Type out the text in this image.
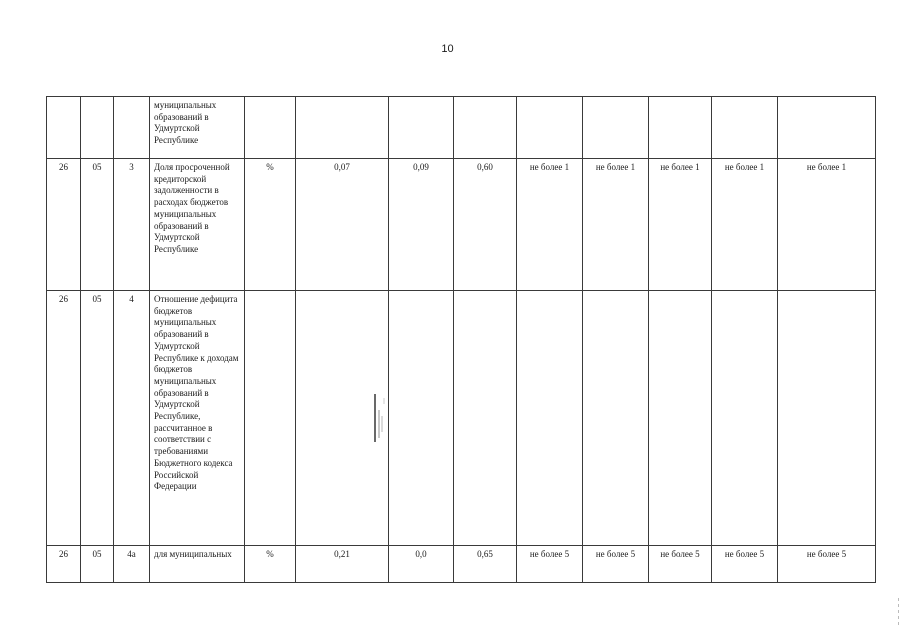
10
			муниципальных образований в Удмуртской Республике									
26	05	3	Доля просроченной кредиторской задолженности в расходах бюджетов муниципальных образований в Удмуртской Республике	%	0,07	0,09	0,60	не более 1	не более 1	не более 1	не более 1	не более 1
26	05	4	Отношение дефицита бюджетов муниципальных образований в Удмуртской Республике к доходам бюджетов муниципальных образований в Удмуртской Республике, рассчитанное в соответствии с требованиями Бюджетного кодекса Российской Федерации									
26	05	4а	для муниципальных	%	0,21	0,0	0,65	не более 5	не более 5	не более 5	не более 5	не более 5
